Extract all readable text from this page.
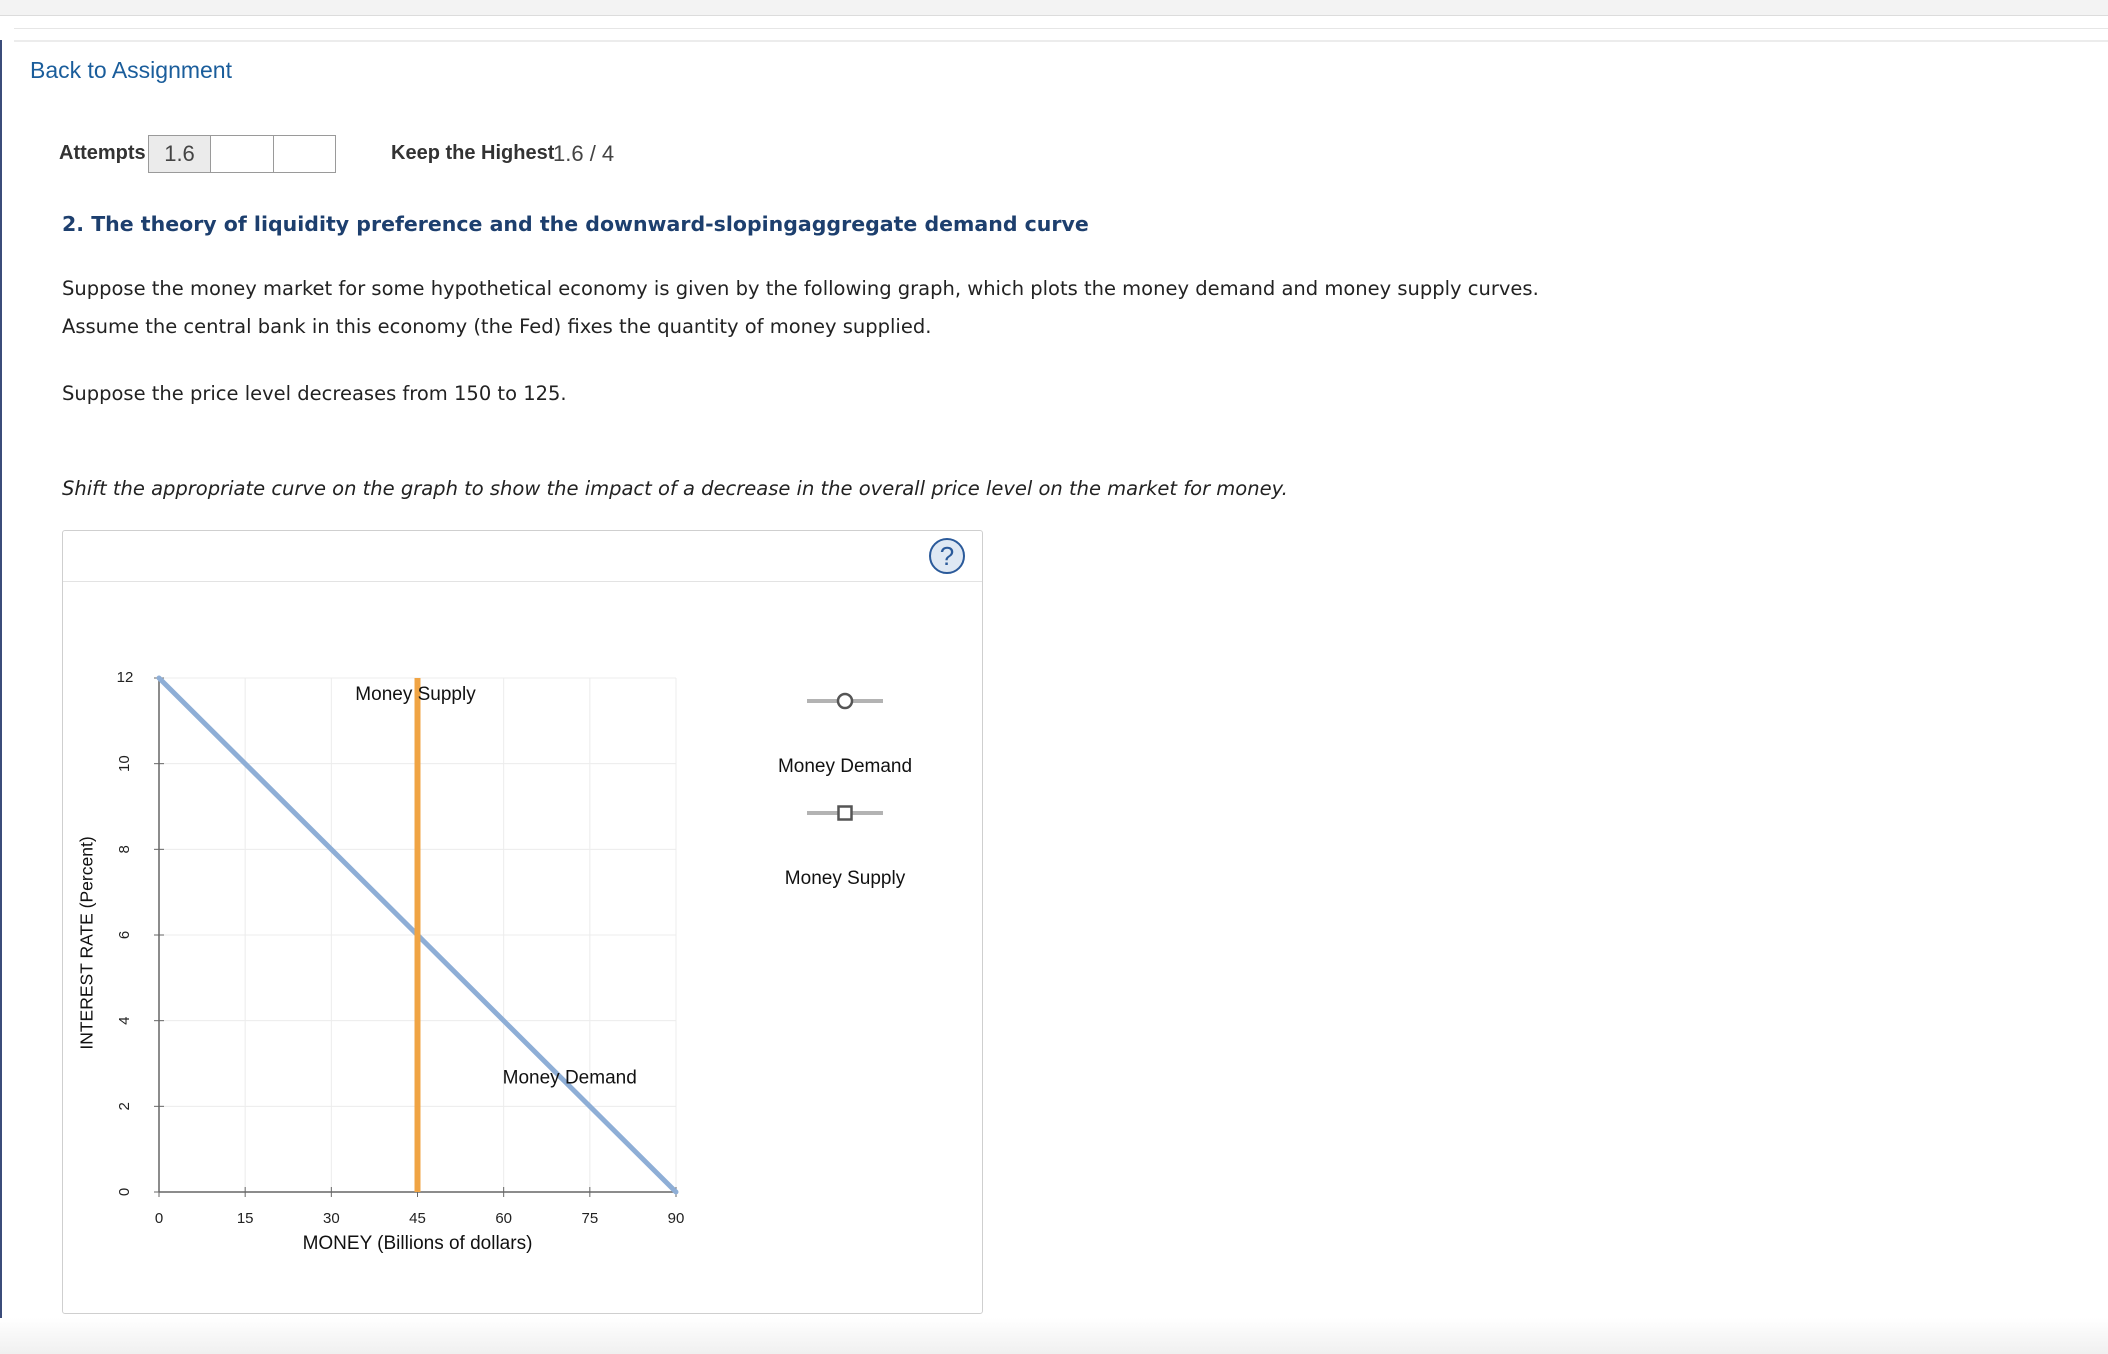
Back to Assignment
Attempts 1.6	Keep the Highest
1.6 / 4
2. The theory of liquidity preference and the downward-slopingaggregate demand curve
Suppose the money market for some hypothetical economy is given by the following graph, which plots the money demand and money supply curves.
Assume the central bank in this economy (the Fed) fixes the quantity of money supplied.
Suppose the price level decreases from 150 to 125.
Shift the appropriate curve on the graph to show the impact of a decrease in the overall price level on the market for money.
?
0	15	30	45	60	75	90
0
2
4
6
8
10
12
MONEY (Billions of dollars)
INTEREST RATE (Percent)
Money Supply
Money Demand
Money Demand
Money Supply
